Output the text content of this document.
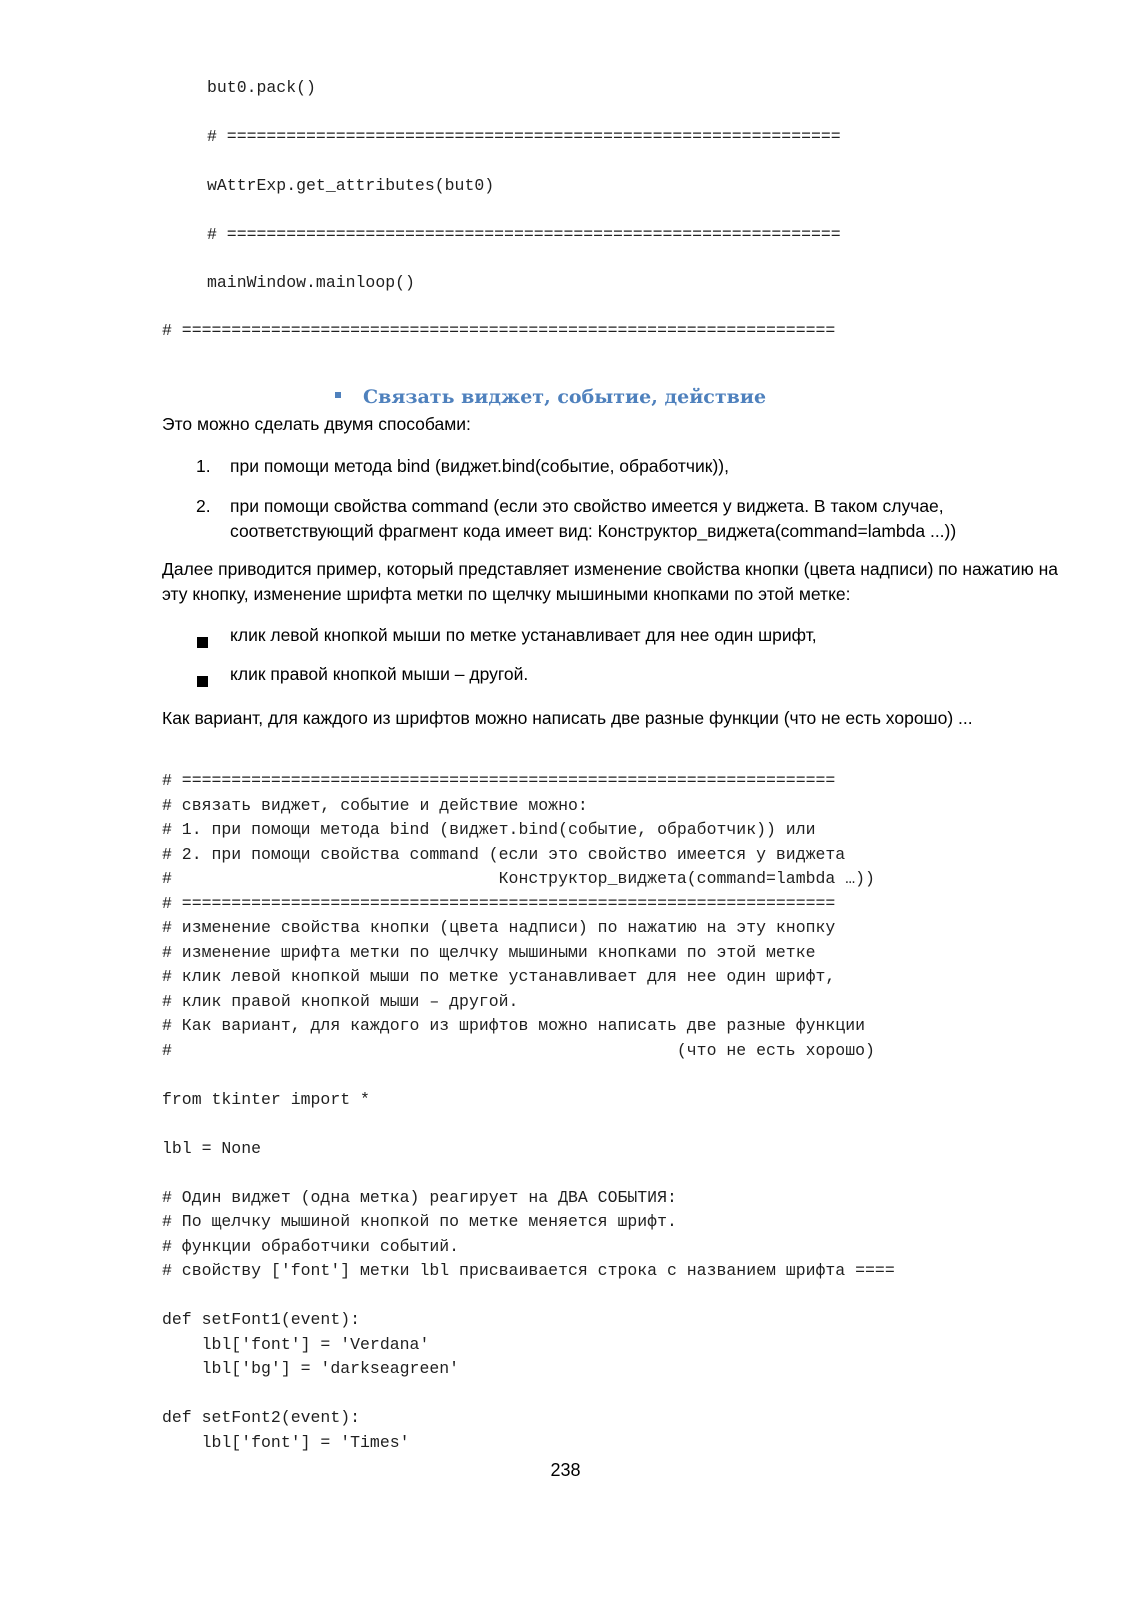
but0.pack()
# ==============================================================
wAttrExp.get_attributes(but0)
# ==============================================================
mainWindow.mainloop()
# ==================================================================
Связать виджет, событие, действие
Это можно сделать двумя способами:
1. при помощи метода bind (виджет.bind(событие, обработчик)),
2. при помощи свойства command (если это свойство имеется у виджета. В таком случае, соответствующий фрагмент кода имеет вид: Конструктор_виджета(command=lambda ...))
Далее приводится пример, который представляет изменение свойства кнопки (цвета надписи) по нажатию на эту кнопку, изменение шрифта метки по щелчку мышиными кнопками по этой метке:
клик левой кнопкой мыши по метке устанавливает для нее один шрифт,
клик правой кнопкой мыши – другой.
Как вариант, для каждого из шрифтов можно написать две разные функции (что не есть хорошо) ...
# ==================================================================
# связать виджет, событие и действие можно:
# 1. при помощи метода bind (виджет.bind(событие, обработчик)) или
# 2. при помощи свойства command (если это свойство имеется у виджета
#                                 Конструктор_виджета(command=lambda …))
# ==================================================================
# изменение свойства кнопки (цвета надписи) по нажатию на эту кнопку
# изменение шрифта метки по щелчку мышиными кнопками по этой метке
# клик левой кнопкой мыши по метке устанавливает для нее один шрифт,
# клик правой кнопкой мыши – другой.
# Как вариант, для каждого из шрифтов можно написать две разные функции
#                                                   (что не есть хорошо)

from tkinter import *

lbl = None

# Один виджет (одна метка) реагирует на ДВА СОБЫТИЯ:
# По щелчку мышиной кнопкой по метке меняется шрифт.
# функции обработчики событий.
# свойству ['font'] метки lbl присваивается строка с названием шрифта ====

def setFont1(event):
lbl['font'] = 'Verdana'
lbl['bg'] = 'darkseagreen'

def setFont2(event):
lbl['font'] = 'Times'
238
